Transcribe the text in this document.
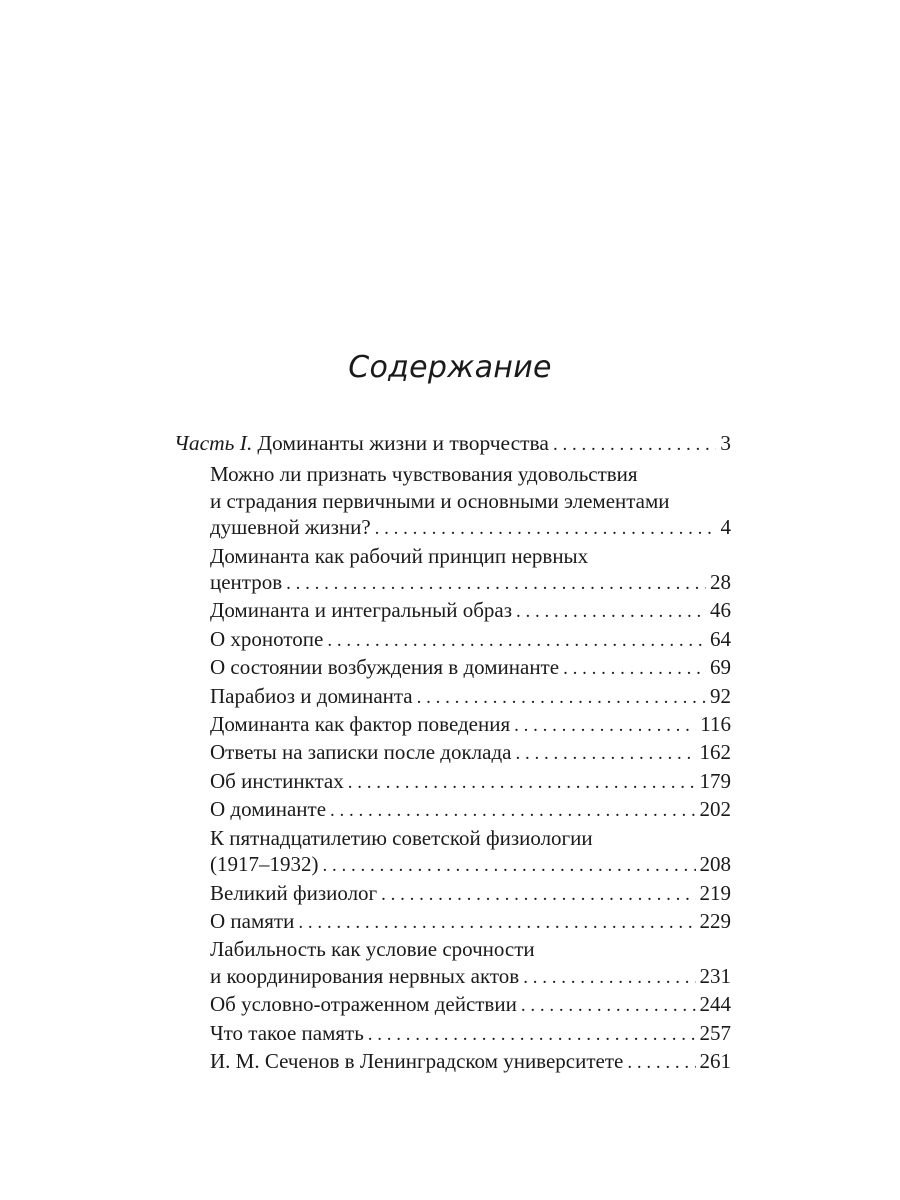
Содержание
Часть I. Доминанты жизни и творчества . . .	3
Можно ли признать чувствования удовольствия
и страдания первичными и основными элементами
душевной жизни? . . .	4
Доминанта как рабочий принцип нервных
центров . . .	28
Доминанта и интегральный образ . . .	46
О хронотопе . . .	64
О состоянии возбуждения в доминанте . . .	69
Парабиоз и доминанта . . .	92
Доминанта как фактор поведения . . .	116
Ответы на записки после доклада . . .	162
Об инстинктах . . .	179
О доминанте . . .	202
К пятнадцатилетию советской физиологии
(1917–1932) . . .	208
Великий физиолог . . .	219
О памяти . . .	229
Лабильность как условие срочности
и координирования нервных актов . . .	231
Об условно-отраженном действии . . .	244
Что такое память . . .	257
И. М. Сеченов в Ленинградском университете . . .	261
